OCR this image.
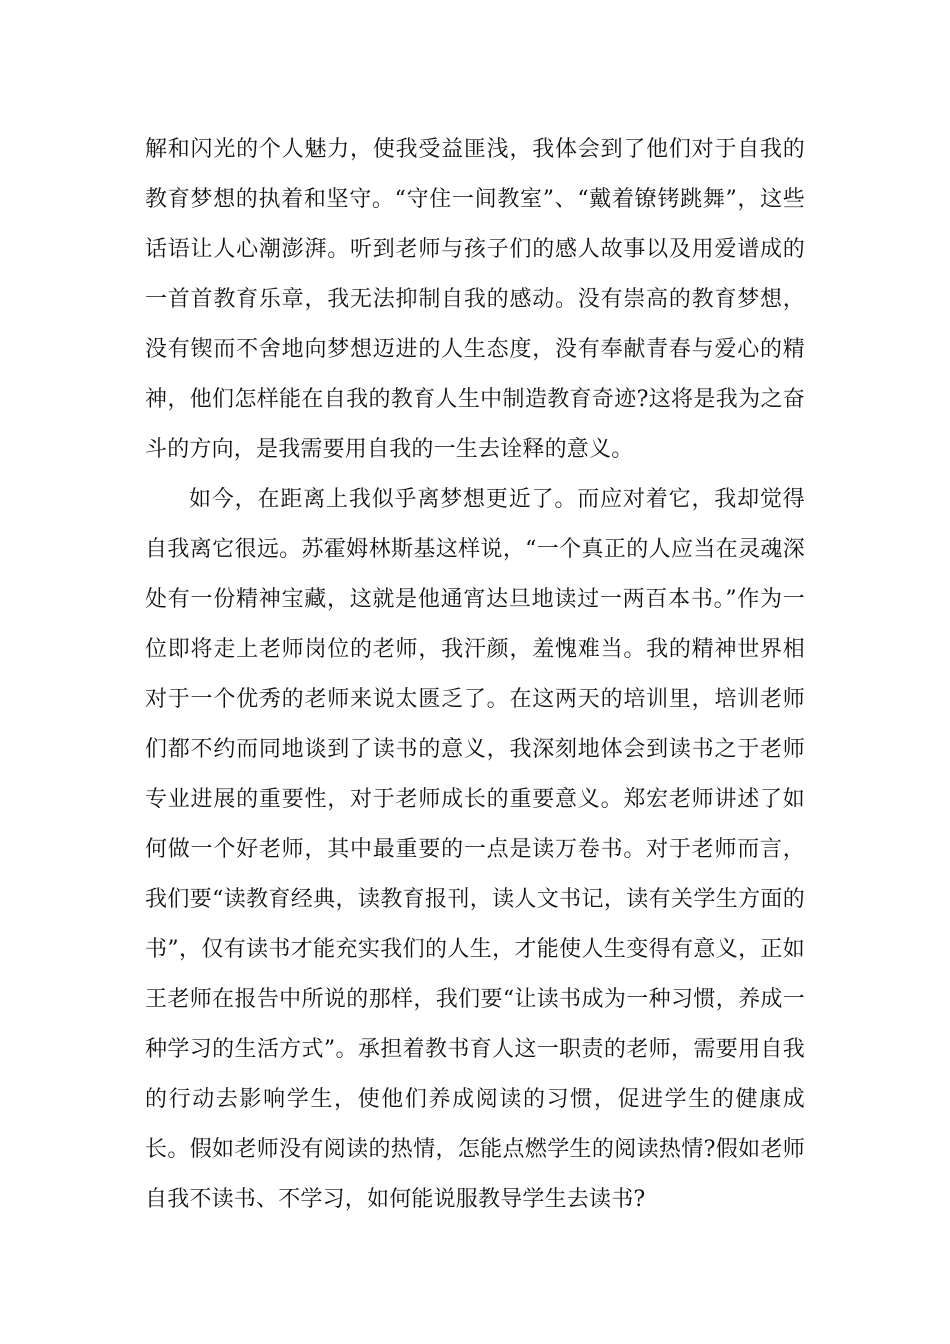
解和闪光的个人魅力，使我受益匪浅，我体会到了他们对于自我的教育梦想的执着和坚守。“守住一间教室”、“戴着镣铐跳舞”，这些话语让人心潮澎湃。听到老师与孩子们的感人故事以及用爱谱成的一首首教育乐章，我无法抑制自我的感动。没有崇高的教育梦想，没有锲而不舍地向梦想迈进的人生态度，没有奉献青春与爱心的精神，他们怎样能在自我的教育人生中制造教育奇迹?这将是我为之奋斗的方向，是我需要用自我的一生去诠释的意义。

如今，在距离上我似乎离梦想更近了。而应对着它，我却觉得自我离它很远。苏霍姆林斯基这样说，“一个真正的人应当在灵魂深处有一份精神宝藏，这就是他通宵达旦地读过一两百本书。”作为一位即将走上老师岗位的老师，我汗颜，羞愧难当。我的精神世界相对于一个优秀的老师来说太匮乏了。在这两天的培训里，培训老师们都不约而同地谈到了读书的意义，我深刻地体会到读书之于老师专业进展的重要性，对于老师成长的重要意义。郑宏老师讲述了如何做一个好老师，其中最重要的一点是读万卷书。对于老师而言，我们要“读教育经典，读教育报刊，读人文书记，读有关学生方面的书”，仅有读书才能充实我们的人生，才能使人生变得有意义，正如王老师在报告中所说的那样，我们要“让读书成为一种习惯，养成一种学习的生活方式”。承担着教书育人这一职责的老师，需要用自我的行动去影响学生，使他们养成阅读的习惯，促进学生的健康成长。假如老师没有阅读的热情，怎能点燃学生的阅读热情?假如老师自我不读书、不学习，如何能说服教导学生去读书?
